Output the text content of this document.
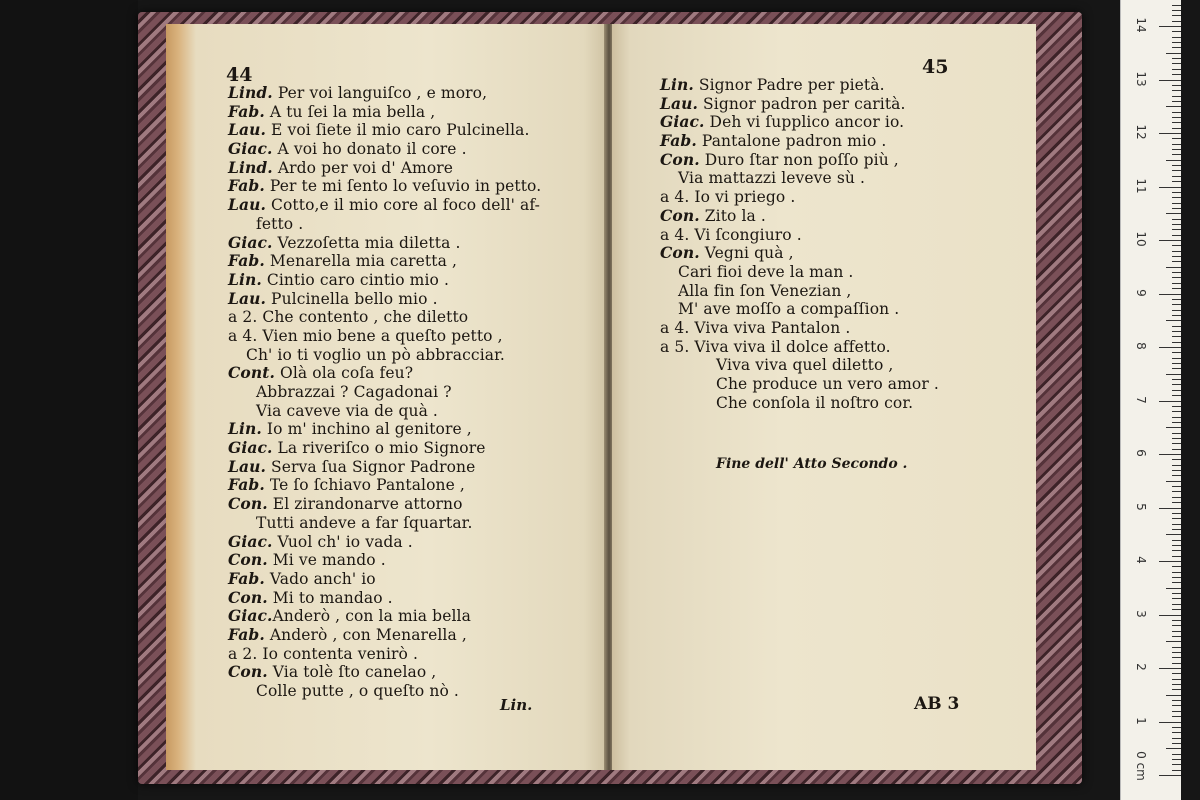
44
Lind. Per voi languiſco , e moro,
Fab. A tu ſei la mia bella ,
Lau. E voi ſiete il mio caro Pulcinella.
Giac. A voi ho donato il core .
Lind. Ardo per voi d' Amore
Fab. Per te mi ſento lo veſuvio in petto.
Lau. Cotto,e il mio core al foco dell' af-
fetto .
Giac. Vezzoſetta mia diletta .
Fab. Menarella mia caretta ,
Lin. Cintio caro cintio mio .
Lau. Pulcinella bello mio .
a 2. Che contento , che diletto
a 4. Vien mio bene a queſto petto ,
Ch' io ti voglio un pò abbracciar.
Cont. Olà ola coſa feu?
Abbrazzai ? Cagadonai ?
Via caveve via de quà .
Lin. Io m' inchino al genitore ,
Giac. La riveriſco o mio Signore
Lau. Serva ſua Signor Padrone
Fab. Te ſo ſchiavo Pantalone ,
Con. El zirandonarve attorno
Tutti andeve a far ſquartar.
Giac. Vuol ch' io vada .
Con. Mi ve mando .
Fab. Vado anch' io
Con. Mi to mandao .
Giac.Anderò , con la mia bella
Fab. Anderò , con Menarella ,
a 2. Io contenta venirò .
Con. Via tolè ſto canelao ,
Colle putte , o queſto nò .
Lin.
45
Lin. Signor Padre per pietà.
Lau. Signor padron per carità.
Giac. Deh vi ſupplico ancor io.
Fab. Pantalone padron mio .
Con. Duro ſtar non poſſo più ,
Via mattazzi leveve sù .
a 4. Io vi priego .
Con. Zito la .
a 4. Vi ſcongiuro .
Con. Vegni quà ,
Cari fioi deve la man .
Alla fin ſon Venezian ,
M' ave moſſo a compaſſion .
a 4. Viva viva Pantalon .
a 5. Viva viva il dolce affetto.
Viva viva quel diletto ,
Che produce un vero amor .
Che conſola il noſtro cor.
Fine dell' Atto Secondo .
AB 3
0 cm
1
2
3
4
5
6
7
8
9
10
11
12
13
14
